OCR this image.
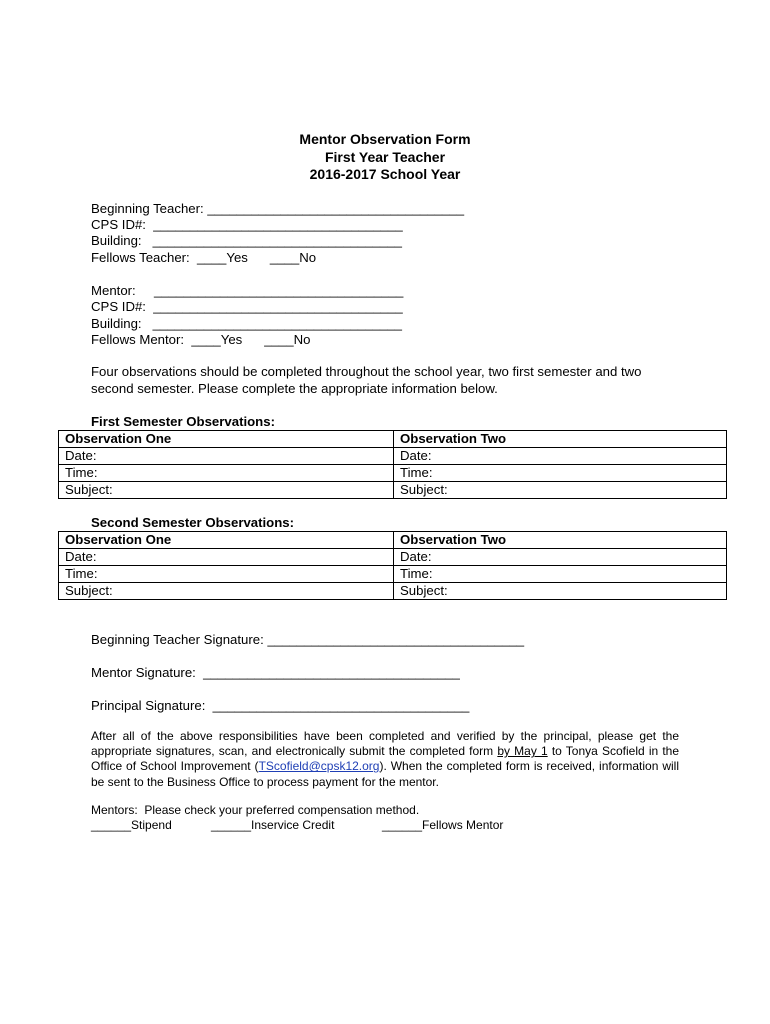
Mentor Observation Form
First Year Teacher
2016-2017 School Year
Beginning Teacher: ___________________________________
CPS ID#:  __________________________________
Building:   __________________________________
Fellows Teacher:  ____Yes      ____No
Mentor:     __________________________________
CPS ID#:  __________________________________
Building:   __________________________________
Fellows Mentor:  ____Yes      ____No
Four observations should be completed throughout the school year, two first semester and two second semester. Please complete the appropriate information below.
First Semester Observations:
Observation One	Observation Two
Date:	Date:
Time:	Time:
Subject:	Subject:
Second Semester Observations:
Observation One	Observation Two
Date:	Date:
Time:	Time:
Subject:	Subject:
Beginning Teacher Signature: ___________________________________
Mentor Signature:  ___________________________________
Principal Signature:  ___________________________________
After all of the above responsibilities have been completed and verified by the principal, please get the appropriate signatures, scan, and electronically submit the completed form by May 1 to Tonya Scofield in the Office of School Improvement (TScofield@cpsk12.org). When the completed form is received, information will be sent to the Business Office to process payment for the mentor.
Mentors:  Please check your preferred compensation method.
______Stipend	______Inservice Credit	______Fellows Mentor
